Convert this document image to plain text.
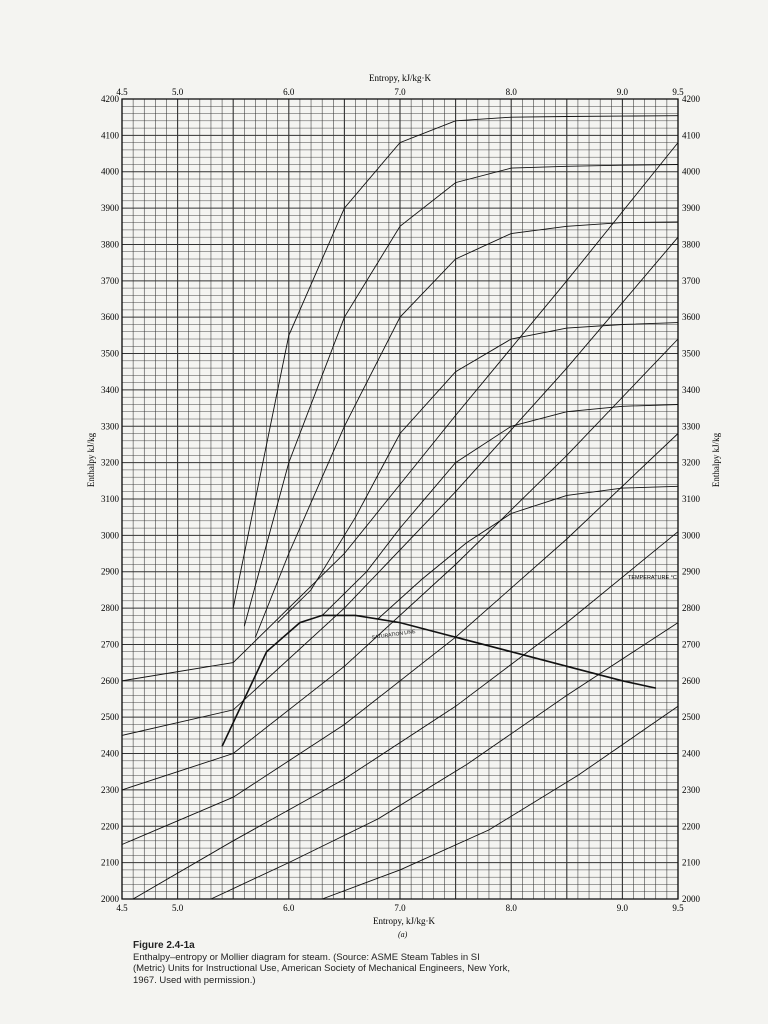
4.5
4.5
5.0
5.0
6.0
6.0
7.0
7.0
8.0
8.0
9.0
9.0
9.5
9.5
4200	4200
4100	4100
4000	4000
3900	3900
3800	3800
3700	3700
3600	3600
3500	3500
3400	3400
3300	3300
3200	3200
3100	3100
3000	3000
2900	2900
2800	2800
2700	2700
2600	2600
2500	2500
2400	2400
2300	2300
2200	2200
2100	2100
2000	2000
Entropy, kJ/kg·K
Entropy, kJ/kg·K
Enthalpy kJ/kg	Enthalpy kJ/kg
SATURATION LINE
TEMPERATURE °C
(a)
Figure 2.4-1a
Enthalpy–entropy or Mollier diagram for steam. (Source: ASME Steam Tables in SI (Metric) Units for Instructional Use, American Society of Mechanical Engineers, New York, 1967. Used with permission.)
